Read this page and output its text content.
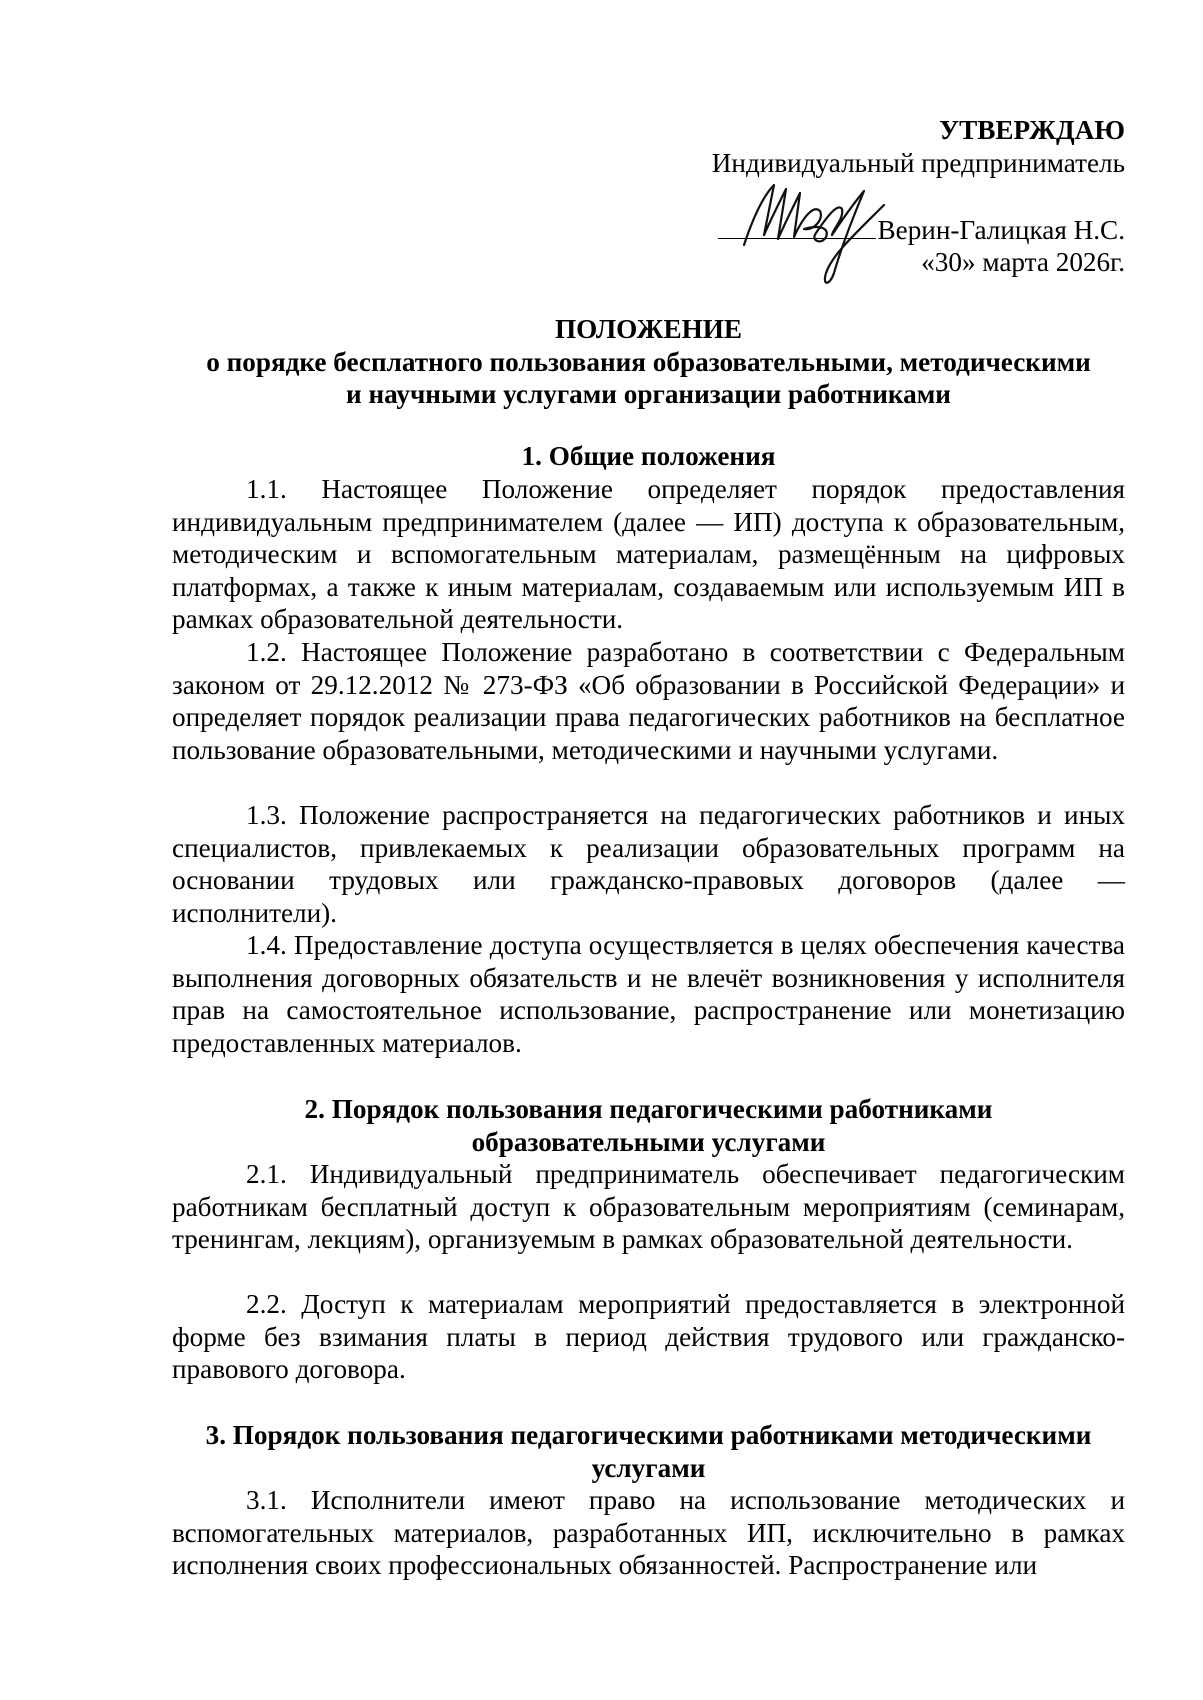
УТВЕРЖДАЮ
Индивидуальный предприниматель
Верин-Галицкая Н.С.
«30» марта 2026г.
ПОЛОЖЕНИЕ
о порядке бесплатного пользования образовательными, методическими
и научными услугами организации работниками
1. Общие положения

1.1. Настоящее Положение определяет порядок предоставления индивидуальным предпринимателем (далее — ИП) доступа к образовательным, методическим и вспомогательным материалам, размещённым на цифровых платформах, а также к иным материалам, создаваемым или используемым ИП в рамках образовательной деятельности.

1.2. Настоящее Положение разработано в соответствии с Федеральным законом от 29.12.2012 № 273-ФЗ «Об образовании в Российской Федерации» и определяет порядок реализации права педагогических работников на бесплатное пользование образовательными, методическими и научными услугами.

1.3. Положение распространяется на педагогических работников и иных специалистов, привлекаемых к реализации образовательных программ на основании трудовых или гражданско-правовых договоров (далее — исполнители).

1.4. Предоставление доступа осуществляется в целях обеспечения качества выполнения договорных обязательств и не влечёт возникновения у исполнителя прав на самостоятельное использование, распространение или монетизацию предоставленных материалов.

2. Порядок пользования педагогическими работниками
образовательными услугами

2.1. Индивидуальный предприниматель обеспечивает педагогическим работникам бесплатный доступ к образовательным мероприятиям (семинарам, тренингам, лекциям), организуемым в рамках образовательной деятельности.

2.2. Доступ к материалам мероприятий предоставляется в электронной форме без взимания платы в период действия трудового или гражданско-правового договора.

3. Порядок пользования педагогическими работниками методическими
услугами

3.1. Исполнители имеют право на использование методических и вспомогательных материалов, разработанных ИП, исключительно в рамках исполнения своих профессиональных обязанностей. Распространение или
